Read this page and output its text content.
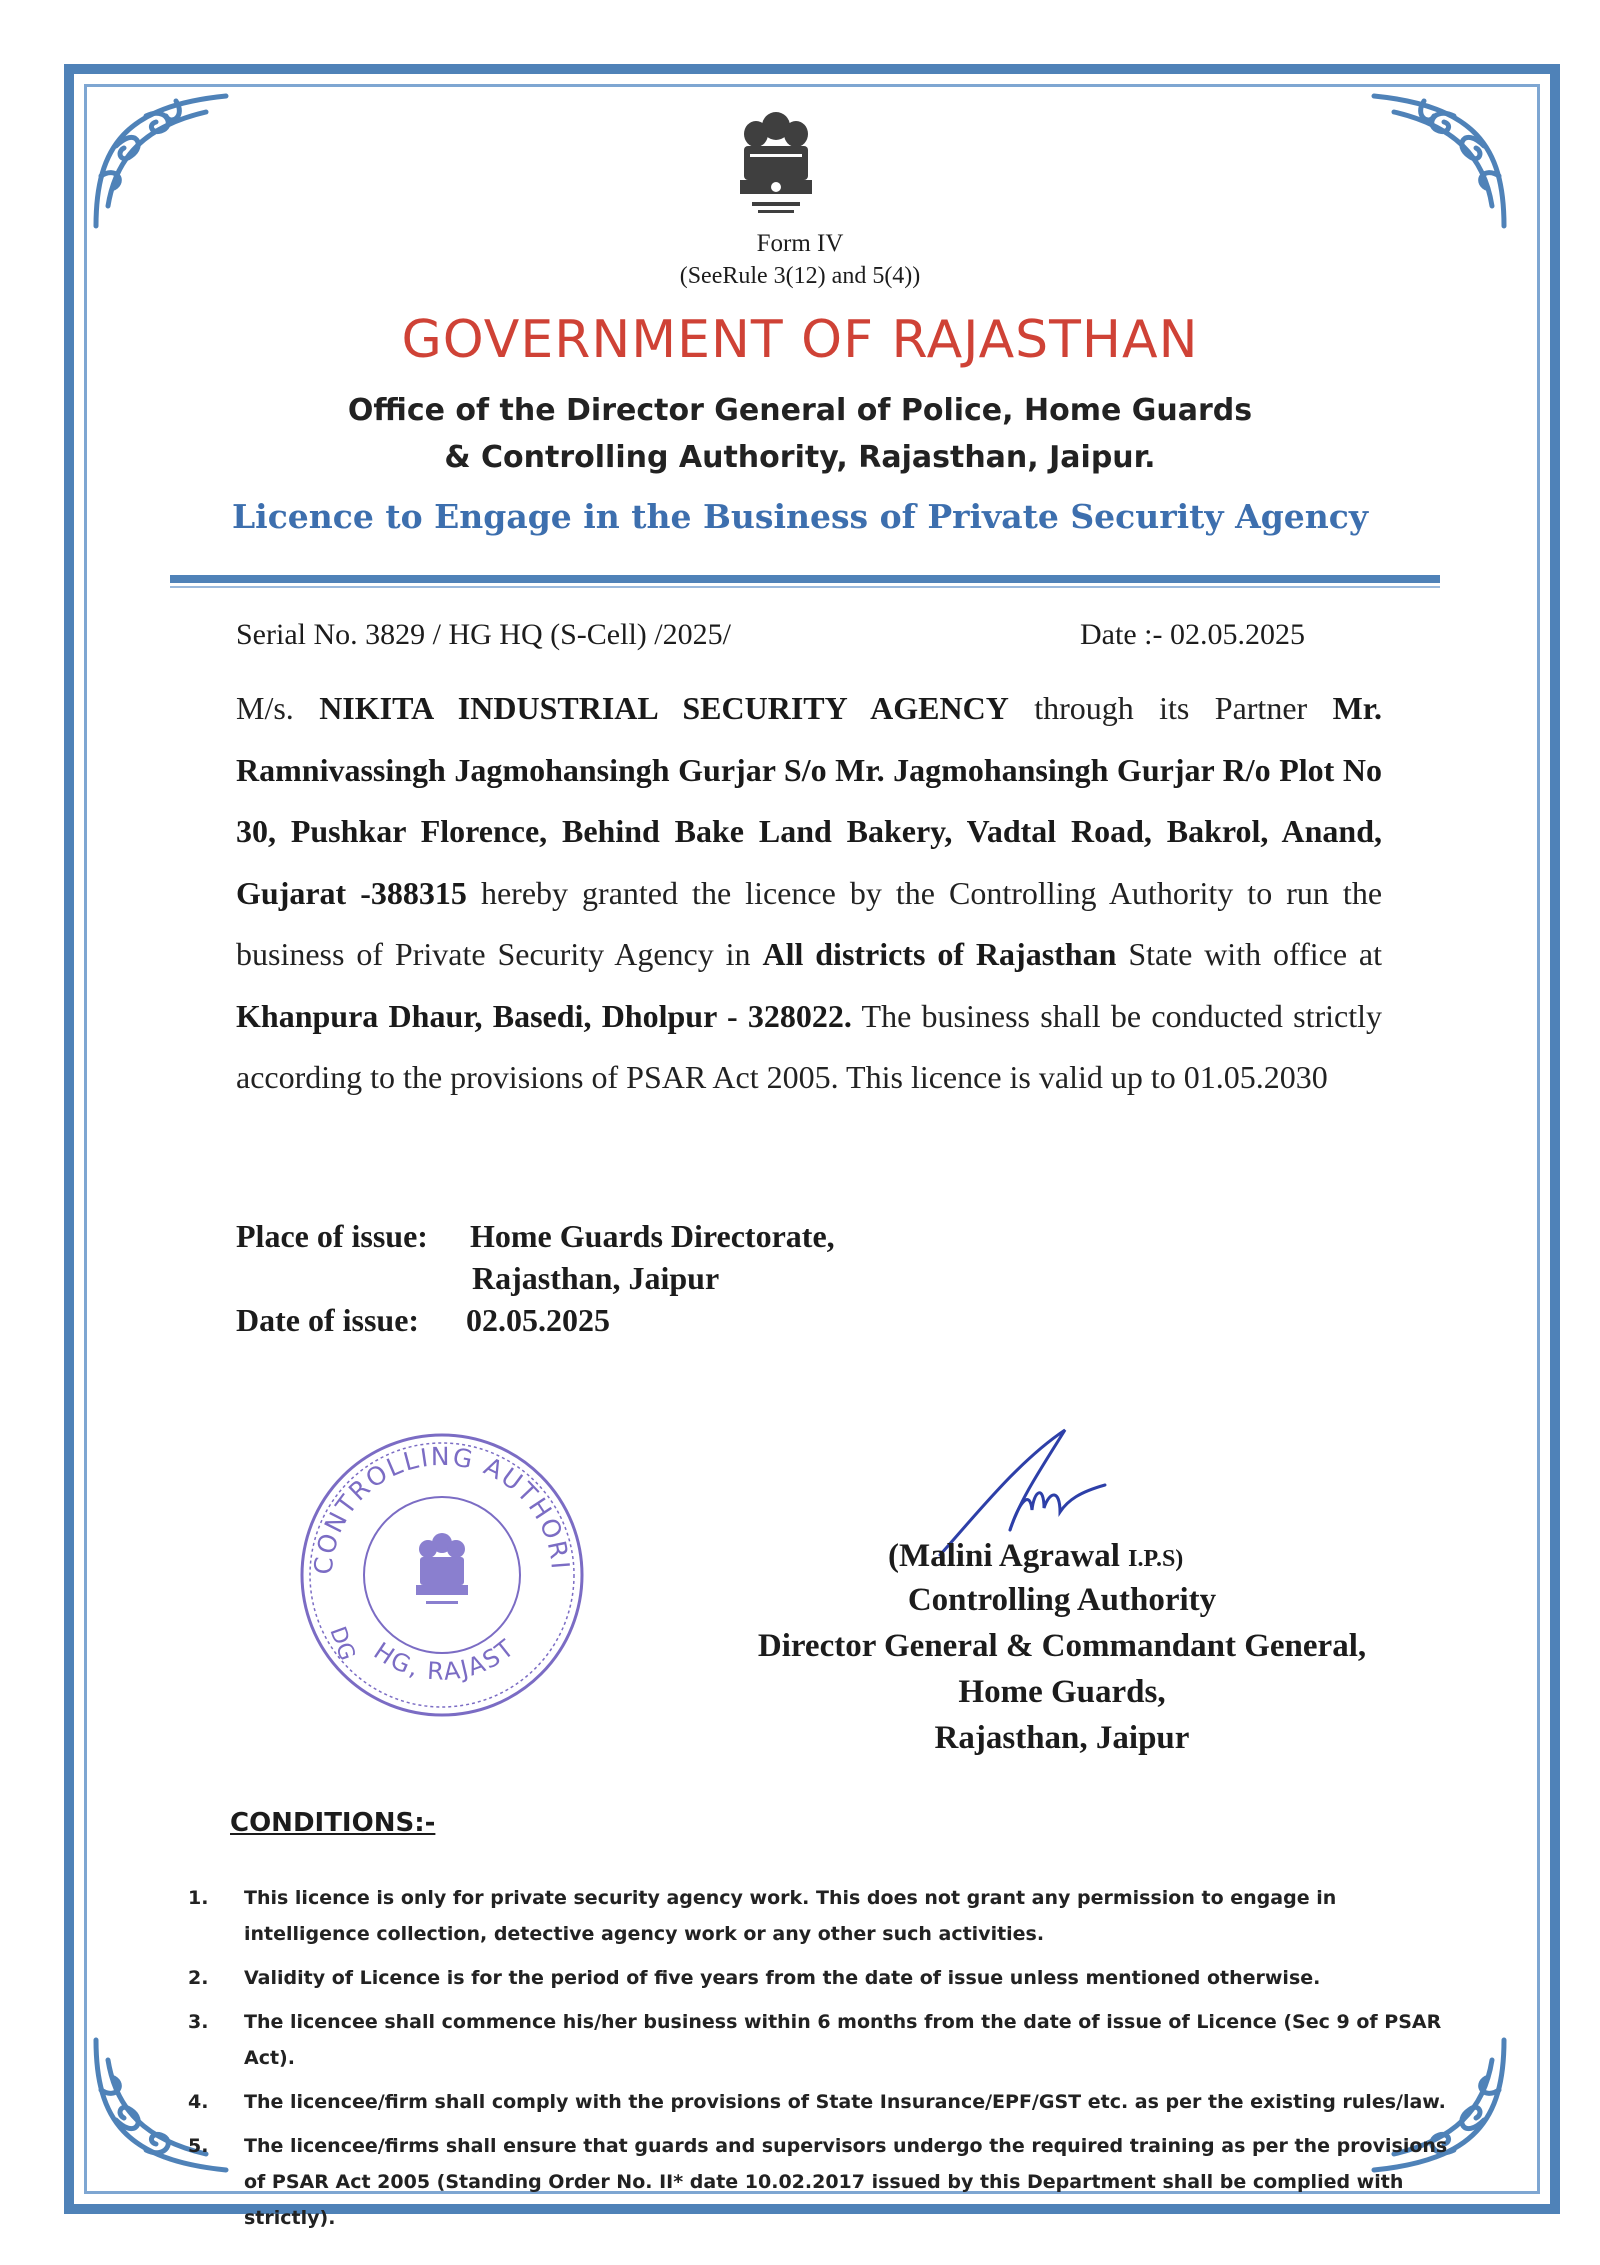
Form IV
(SeeRule 3(12) and 5(4))
GOVERNMENT OF RAJASTHAN
Office of the Director General of Police, Home Guards
& Controlling Authority, Rajasthan, Jaipur.
Licence to Engage in the Business of Private Security Agency
Serial No. 3829 / HG HQ (S-Cell) /2025/	Date :- 02.05.2025
M/s. NIKITA INDUSTRIAL SECURITY AGENCY through its Partner Mr. Ramnivassingh Jagmohansingh Gurjar S/o Mr. Jagmohansingh Gurjar R/o Plot No 30, Pushkar Florence, Behind Bake Land Bakery, Vadtal Road, Bakrol, Anand, Gujarat -388315 hereby granted the licence by the Controlling Authority to run the business of Private Security Agency in All districts of Rajasthan State with office at Khanpura Dhaur, Basedi, Dholpur - 328022. The business shall be conducted strictly according to the provisions of PSAR Act 2005. This licence is valid up to 01.05.2030
Place of issue: Home Guards Directorate,
Rajasthan, Jaipur
Date of issue: 02.05.2025
CONTROLLING AUTHORI
HG, RAJAST
DG
(Malini Agrawal I.P.S)
Controlling Authority
Director General & Commandant General,
Home Guards,
Rajasthan, Jaipur
CONDITIONS:-
1.	This licence is only for private security agency work. This does not grant any permission to engage in intelligence collection, detective agency work or any other such activities.
2.	Validity of Licence is for the period of five years from the date of issue unless mentioned otherwise.
3.	The licencee shall commence his/her business within 6 months from the date of issue of Licence (Sec 9 of PSAR Act).
4.	The licencee/firm shall comply with the provisions of State Insurance/EPF/GST etc. as per the existing rules/law.
5.	The licencee/firms shall ensure that guards and supervisors undergo the required training as per the provisions of PSAR Act 2005 (Standing Order No. II* date 10.02.2017 issued by this Department shall be complied with strictly).
